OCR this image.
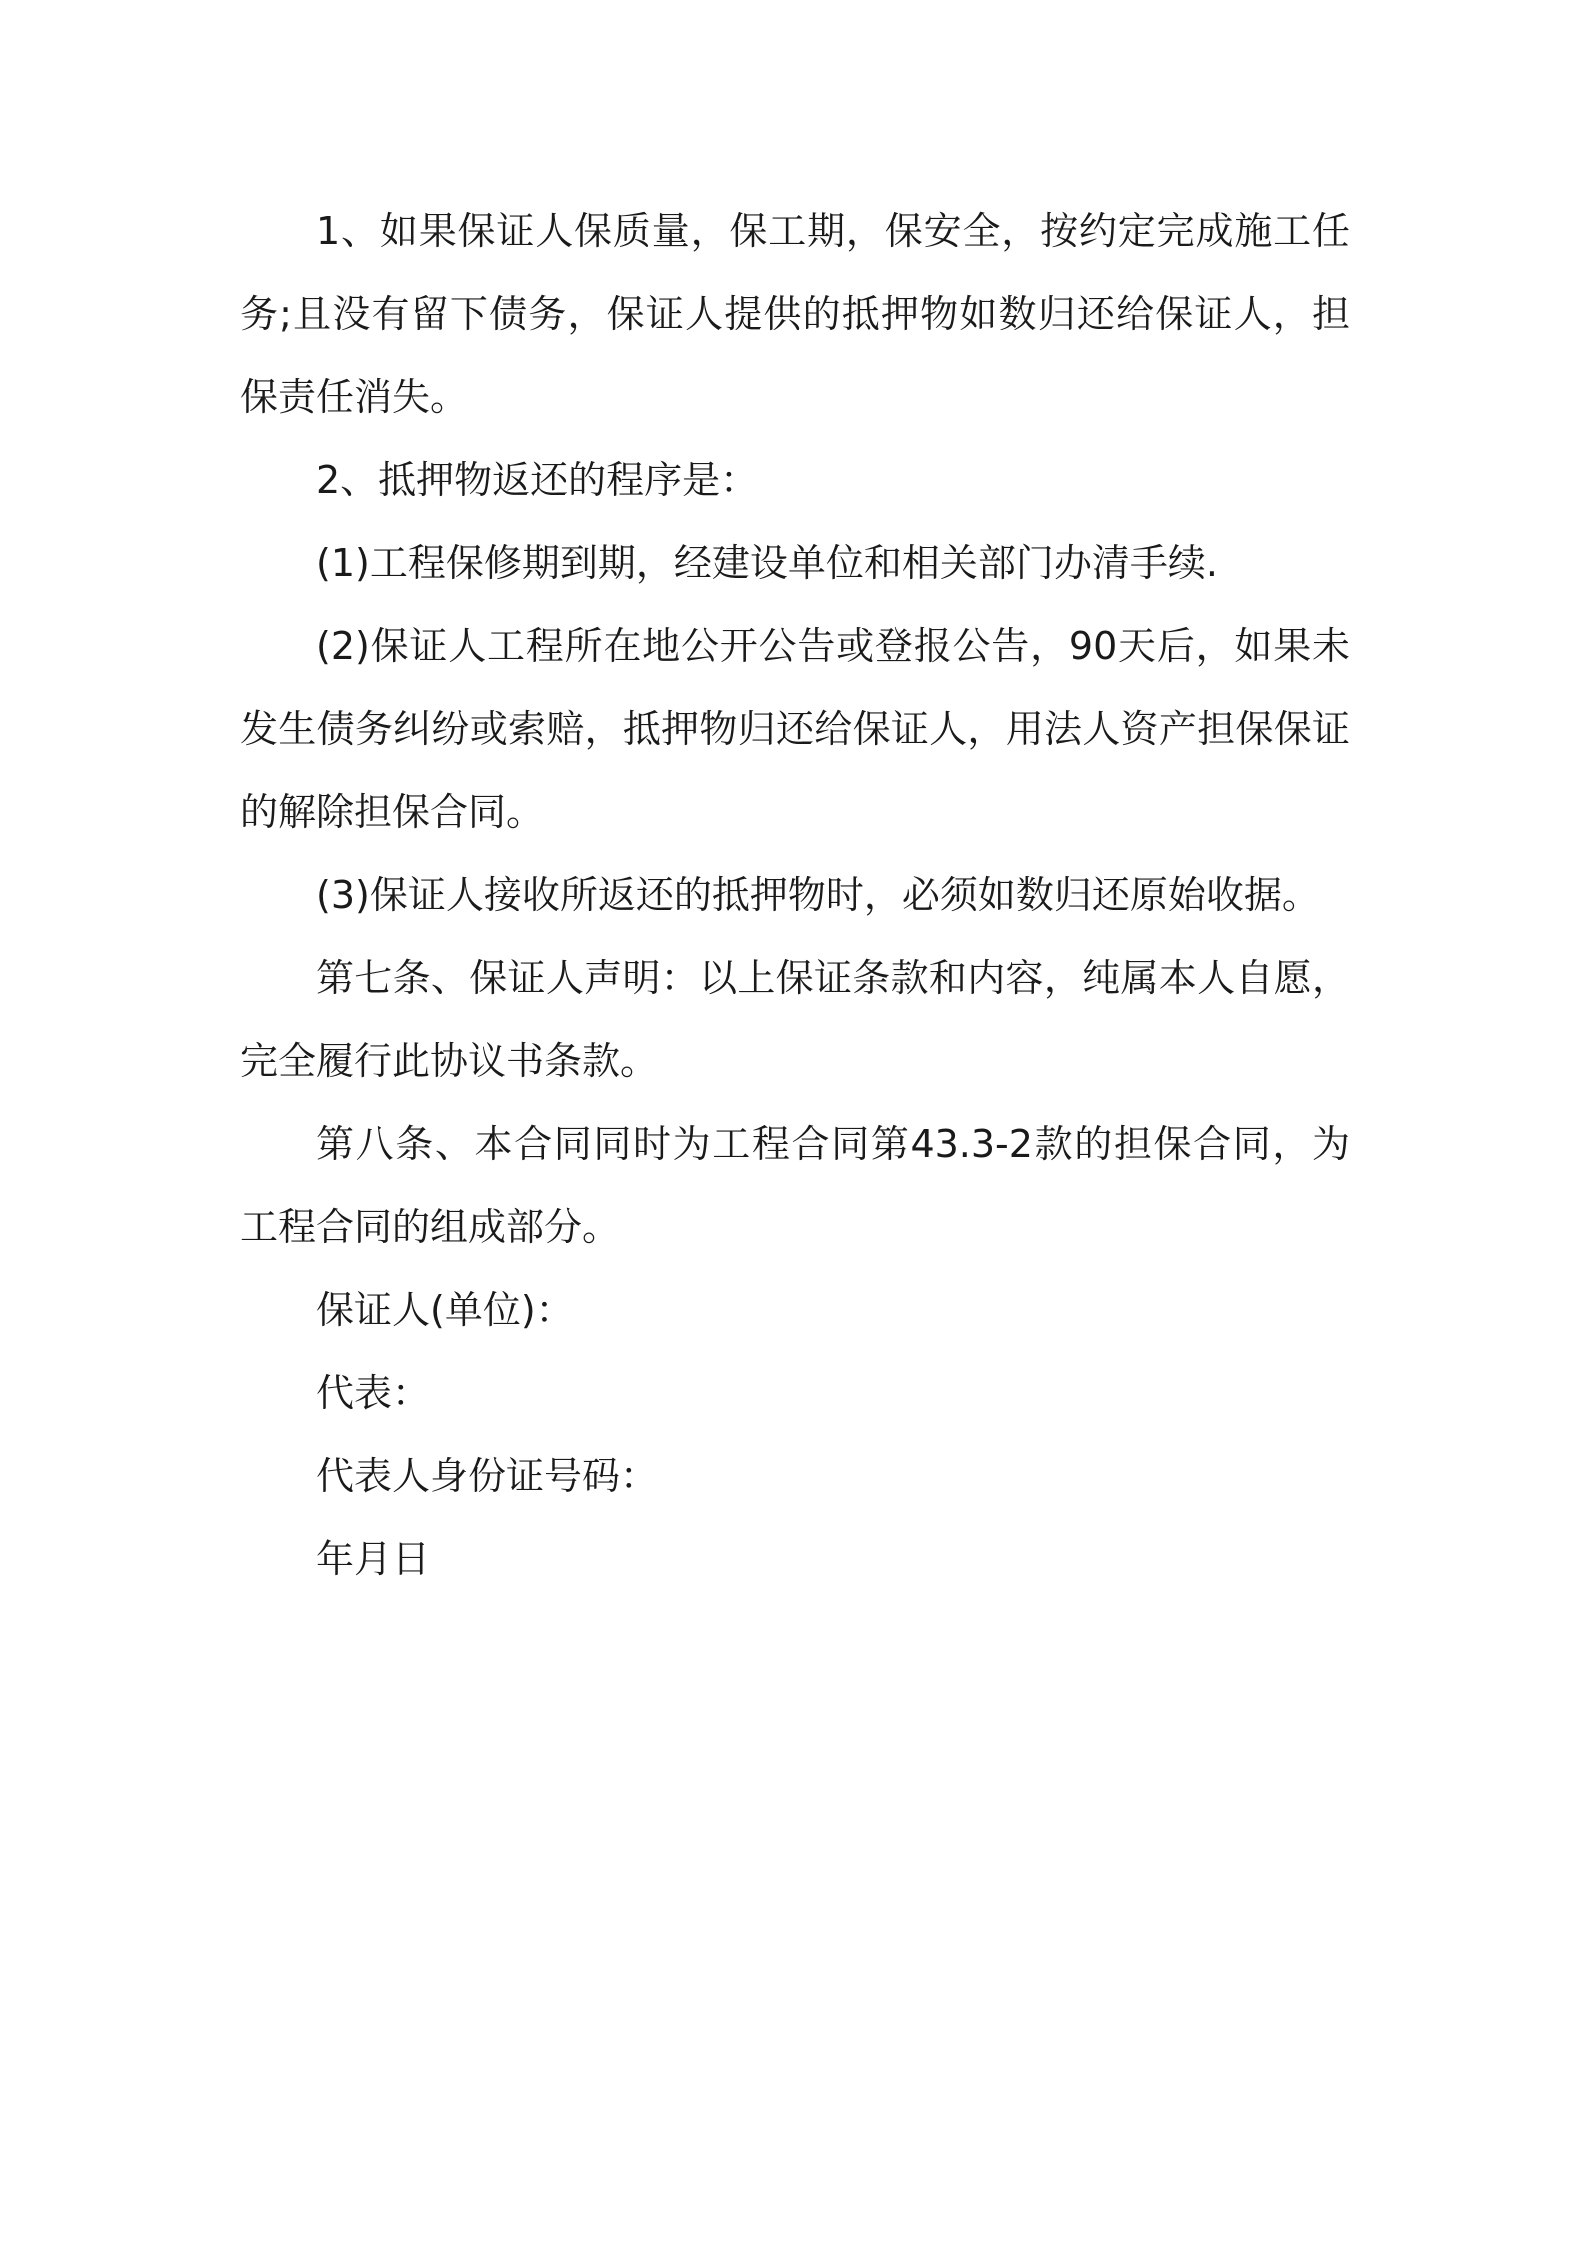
1、如果保证人保质量，保工期，保安全，按约定完成施工任务;且没有留下债务，保证人提供的抵押物如数归还给保证人，担保责任消失。

2、抵押物返还的程序是：

(1)工程保修期到期，经建设单位和相关部门办清手续.

(2)保证人工程所在地公开公告或登报公告，90天后，如果未发生债务纠纷或索赔，抵押物归还给保证人，用法人资产担保保证的解除担保合同。

(3)保证人接收所返还的抵押物时，必须如数归还原始收据。

第七条、保证人声明：以上保证条款和内容，纯属本人自愿，完全履行此协议书条款。

第八条、本合同同时为工程合同第43.3-2款的担保合同，为工程合同的组成部分。

保证人(单位)：

代表：

代表人身份证号码：

年月日
